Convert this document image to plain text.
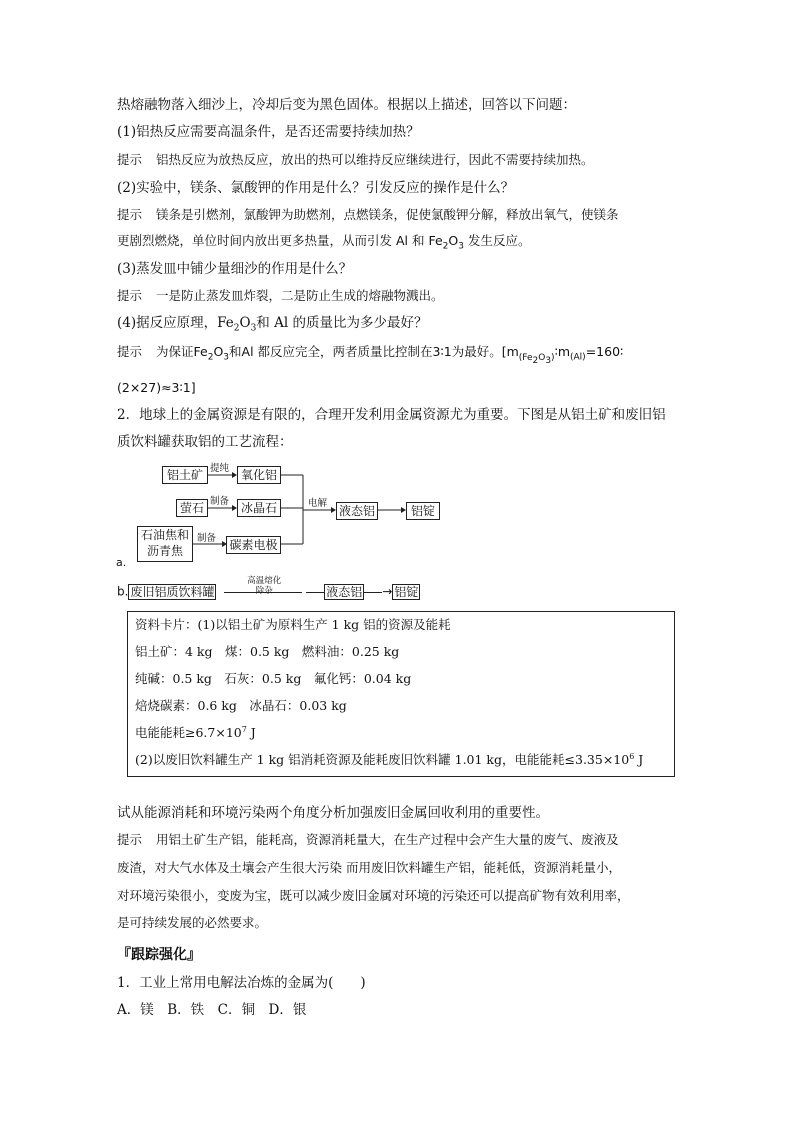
热熔融物落入细沙上，冷却后变为黑色固体。根据以上描述，回答以下问题：
(1)铝热反应需要高温条件，是否还需要持续加热？
提示 铝热反应为放热反应，放出的热可以维持反应继续进行，因此不需要持续加热。
(2)实验中，镁条、氯酸钾的作用是什么？引发反应的操作是什么？
提示 镁条是引燃剂，氯酸钾为助燃剂，点燃镁条，促使氯酸钾分解，释放出氧气，使镁条
更剧烈燃烧，单位时间内放出更多热量，从而引发 Al 和 $Fe_2O_3$ 发生反应。
(3)蒸发皿中铺少量细沙的作用是什么？
提示 一是防止蒸发皿炸裂，二是防止生成的熔融物溅出。
(4)据反应原理，$Fe_2O_3$和 Al 的质量比为多少最好？
提示 为保证$Fe_2O_3$和Al 都反应完全，两者质量比控制在3∶1为最好。[$m_{(Fe_2O_3)}∶m_{(Al)}=160∶$
(2×27)≈3∶1]
2．地球上的金属资源是有限的，合理开发利用金属资源尤为重要。下图是从铝土矿和废旧铝
质饮料罐获取铝的工艺流程：
铝土矿 提纯 氧化铝
萤石 制备 冰晶石
石油焦和
沥青焦
制备 碳素电极
电解
液态铝	铝锭
a.
b. 废旧铝质饮料罐
高温熔化
除杂	液态铝 → 铝锭
资料卡片：(1)以铝土矿为原料生产 1 kg 铝的资源及能耗
铝土矿：4 kg　煤：0.5 kg　燃料油：0.25 kg
纯碱：0.5 kg　石灰：0.5 kg　氟化钙：0.04 kg
焙烧碳素：0.6 kg　冰晶石：0.03 kg
电能能耗$\ge 6.7\times 10^7$ J
(2)以废旧饮料罐生产 1 kg 铝消耗资源及能耗废旧饮料罐 1.01 kg，电能能耗$\le 3.35\times 10^6$ J
试从能源消耗和环境污染两个角度分析加强废旧金属回收利用的重要性。
提示 用铝土矿生产铝，能耗高，资源消耗量大，在生产过程中会产生大量的废气、废液及
废渣，对大气水体及土壤会产生很大污染 而用废旧饮料罐生产铝，能耗低，资源消耗量小，
对环境污染很小，变废为宝，既可以减少废旧金属对环境的污染还可以提高矿物有效利用率，
是可持续发展的必然要求。
『跟踪强化』
1．工业上常用电解法冶炼的金属为(　　)
A．镁　B．铁　C．铜　D．银
